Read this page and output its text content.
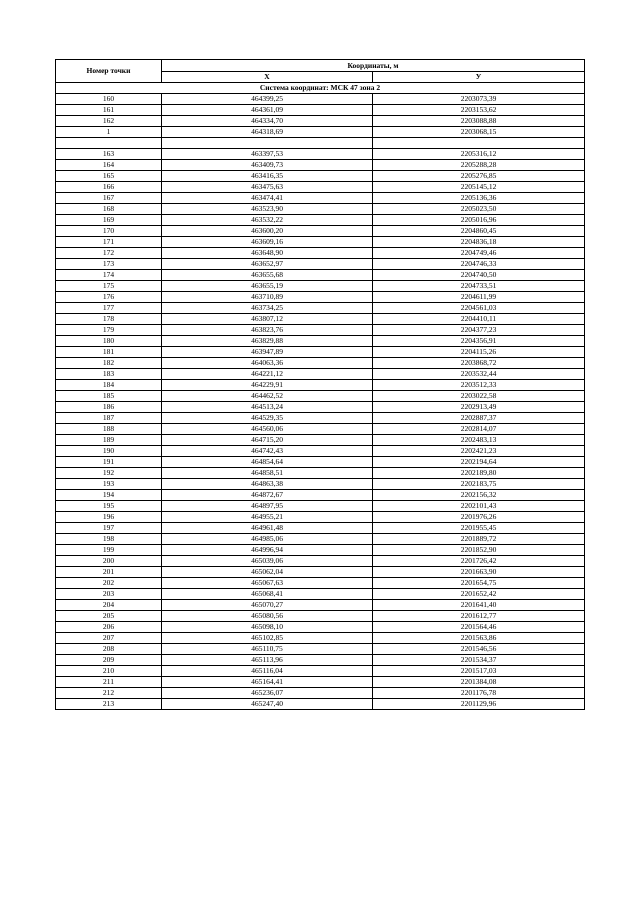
Номер точки	Координаты, м	
	Х	У
Система координат: МСК 47 зона 2		
160	464399,25	2203073,39
161	464361,09	2203153,62
162	464334,70	2203088,88
1	464318,69	2203068,15

163	463397,53	2205316,12
164	463409,73	2205288,28
165	463416,35	2205276,85
166	463475,63	2205145,12
167	463474,41	2205136,36
168	463523,90	2205023,50
169	463532,22	2205016,96
170	463600,20	2204860,45
171	463609,16	2204836,18
172	463648,90	2204749,46
173	463652,97	2204746,33
174	463655,68	2204740,50
175	463655,19	2204733,51
176	463710,89	2204611,99
177	463734,25	2204561,03
178	463807,12	2204410,11
179	463823,76	2204377,23
180	463829,88	2204356,91
181	463947,89	2204115,26
182	464063,36	2203868,72
183	464221,12	2203532,44
184	464229,91	2203512,33
185	464462,52	2203022,58
186	464513,24	2202913,49
187	464529,35	2202887,37
188	464560,06	2202814,07
189	464715,20	2202483,13
190	464742,43	2202421,23
191	464854,64	2202194,64
192	464858,51	2202189,80
193	464863,38	2202183,75
194	464872,67	2202156,32
195	464897,95	2202101,43
196	464955,21	2201976,26
197	464961,48	2201955,45
198	464985,06	2201889,72
199	464996,94	2201852,90
200	465039,06	2201726,42
201	465062,04	2201663,90
202	465067,63	2201654,75
203	465068,41	2201652,42
204	465070,27	2201641,40
205	465080,56	2201612,77
206	465098,10	2201564,46
207	465102,85	2201563,86
208	465110,75	2201546,56
209	465113,96	2201534,37
210	465116,04	2201517,03
211	465164,41	2201384,08
212	465236,07	2201176,78
213	465247,40	2201129,96
